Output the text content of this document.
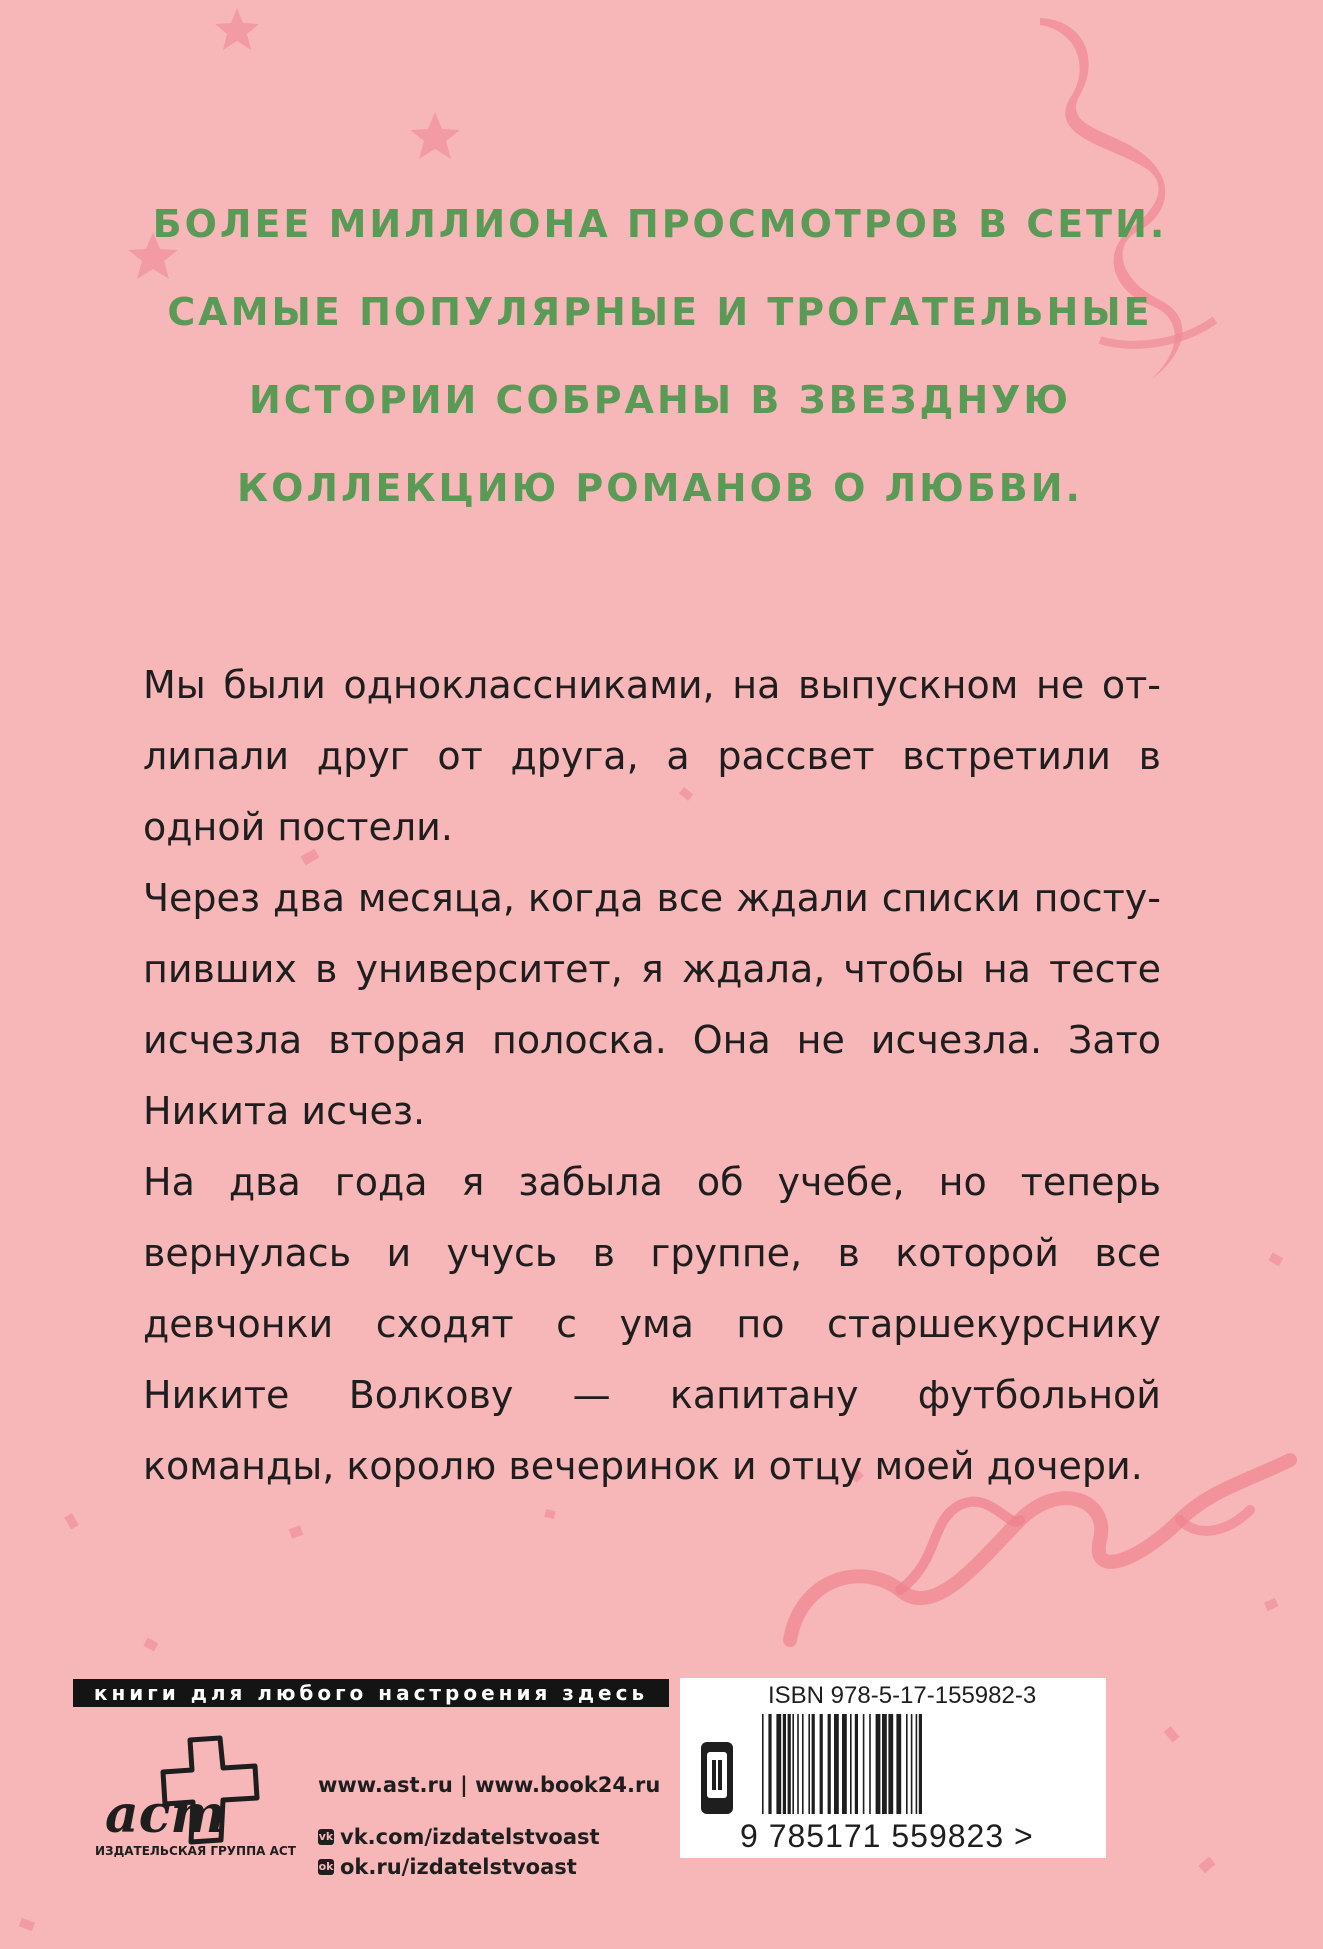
БОЛЕЕ МИЛЛИОНА ПРОСМОТРОВ В СЕТИ.
САМЫЕ ПОПУЛЯРНЫЕ И ТРОГАТЕЛЬНЫЕ
ИСТОРИИ СОБРАНЫ В ЗВЕЗДНУЮ
КОЛЛЕКЦИЮ РОМАНОВ О ЛЮБВИ.

Мы были одноклассниками, на выпускном не отлипали друг от друга, а рассвет встретили в одной постели.

Через два месяца, когда все ждали списки поступивших в университет, я ждала, чтобы на тесте исчезла вторая полоска. Она не исчезла. Зато Никита исчез.

На два года я забыла об учебе, но теперь вернулась и учусь в группе, в которой все девчонки сходят с ума по старшекурснику Никите Волкову — капитану футбольной команды, королю вечеринок и отцу моей дочери.

книги для любого настроения здесь
аст
ИЗДАТЕЛЬСКАЯ ГРУППА АСТ
www.ast.ru | www.book24.ru
vk vk.com/izdatelstvoast
ok ok.ru/izdatelstvoast
ISBN 978-5-17-155982-3
9 785171 559823 >
